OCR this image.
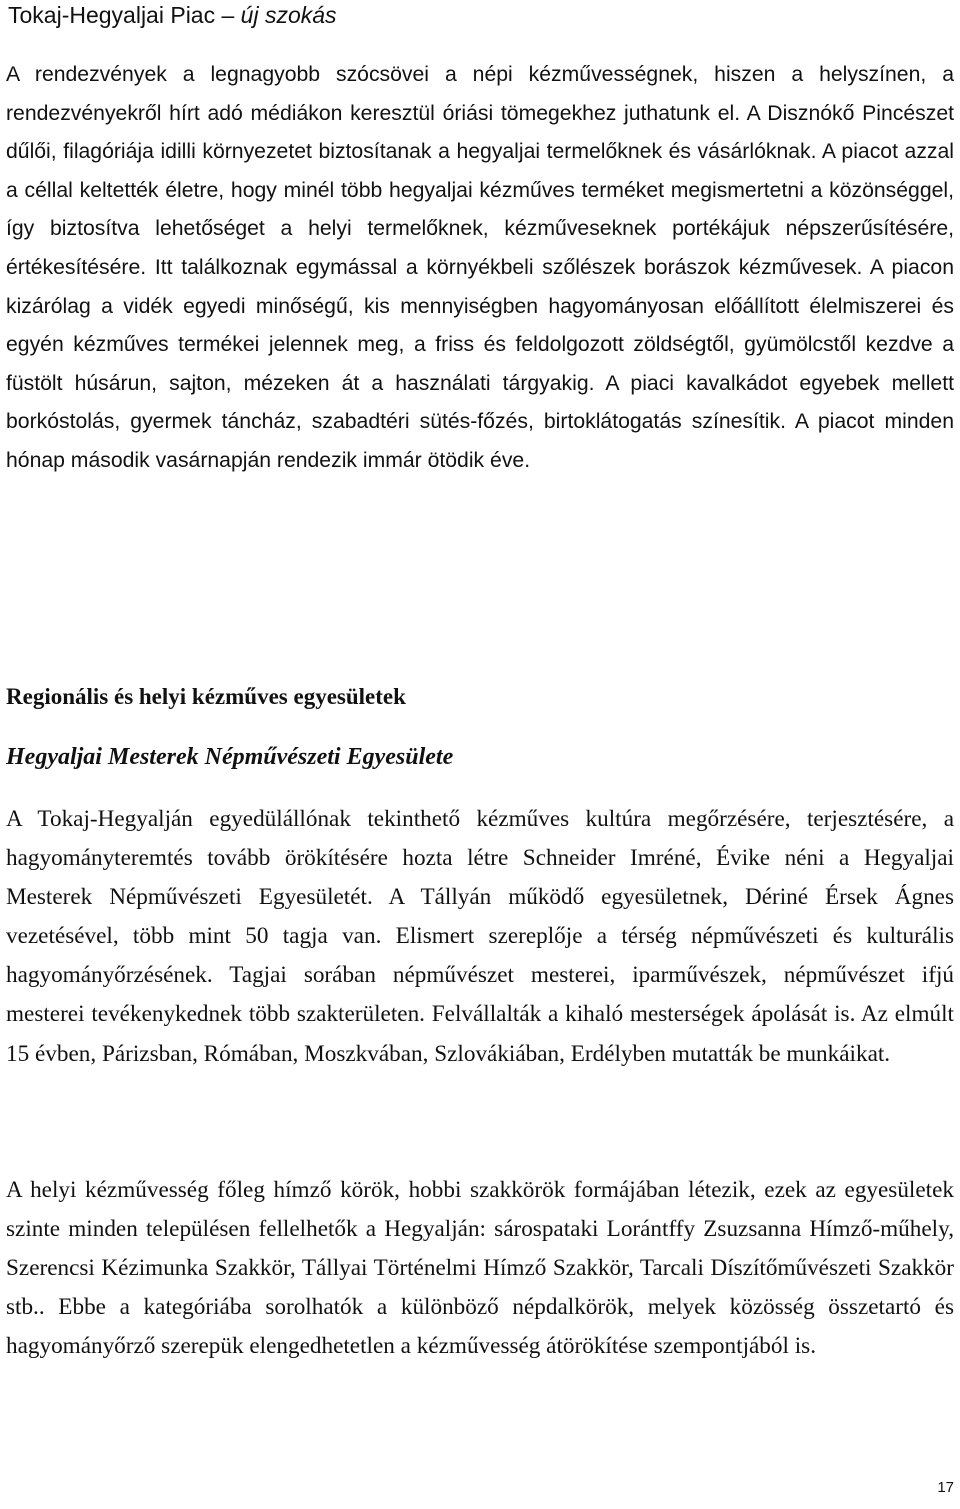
Tokaj-Hegyaljai Piac – új szokás

A rendezvények a legnagyobb szócsövei a népi kézművességnek, hiszen a helyszínen, a rendezvényekről hírt adó médiákon keresztül óriási tömegekhez juthatunk el. A Disznókő Pincészet dűlői, filagóriája idilli környezetet biztosítanak a hegyaljai termelőknek és vásárlóknak. A piacot azzal a céllal keltették életre, hogy minél több hegyaljai kézműves terméket megismertetni a közönséggel, így biztosítva lehetőséget a helyi termelőknek, kézműveseknek portékájuk népszerűsítésére, értékesítésére. Itt találkoznak egymással a környékbeli szőlészek borászok kézművesek. A piacon kizárólag a vidék egyedi minőségű, kis mennyiségben hagyományosan előállított élelmiszerei és egyén kézműves termékei jelennek meg, a friss és feldolgozott zöldségtől, gyümölcstől kezdve a füstölt húsárun, sajton, mézeken át a használati tárgyakig. A piaci kavalkádot egyebek mellett borkóstolás, gyermek táncház, szabadtéri sütés-főzés, birtoklátogatás színesítik. A piacot minden hónap második vasárnapján rendezik immár ötödik éve.

Regionális és helyi kézműves egyesületek
Hegyaljai Mesterek Népművészeti Egyesülete

A Tokaj-Hegyalján egyedülállónak tekinthető kézműves kultúra megőrzésére, terjesztésére, a hagyományteremtés tovább örökítésére hozta létre Schneider Imréné, Évike néni a Hegyaljai Mesterek Népművészeti Egyesületét. A Tállyán működő egyesületnek, Dériné Érsek Ágnes vezetésével, több mint 50 tagja van. Elismert szereplője a térség népművészeti és kulturális hagyományőrzésének. Tagjai sorában népművészet mesterei, iparművészek, népművészet ifjú mesterei tevékenykednek több szakterületen. Felvállalták a kihaló mesterségek ápolását is. Az elmúlt 15 évben, Párizsban, Rómában, Moszkvában, Szlovákiában, Erdélyben mutatták be munkáikat.

A helyi kézművesség főleg hímző körök, hobbi szakkörök formájában létezik, ezek az egyesületek szinte minden településen fellelhetők a Hegyalján: sárospataki Lorántffy Zsuzsanna Hímző-műhely, Szerencsi Kézimunka Szakkör, Tállyai Történelmi Hímző Szakkör, Tarcali Díszítőművészeti Szakkör stb.. Ebbe a kategóriába sorolhatók a különböző népdalkörök, melyek közösség összetartó és hagyományőrző szerepük elengedhetetlen a kézművesség átörökítése szempontjából is.

17
